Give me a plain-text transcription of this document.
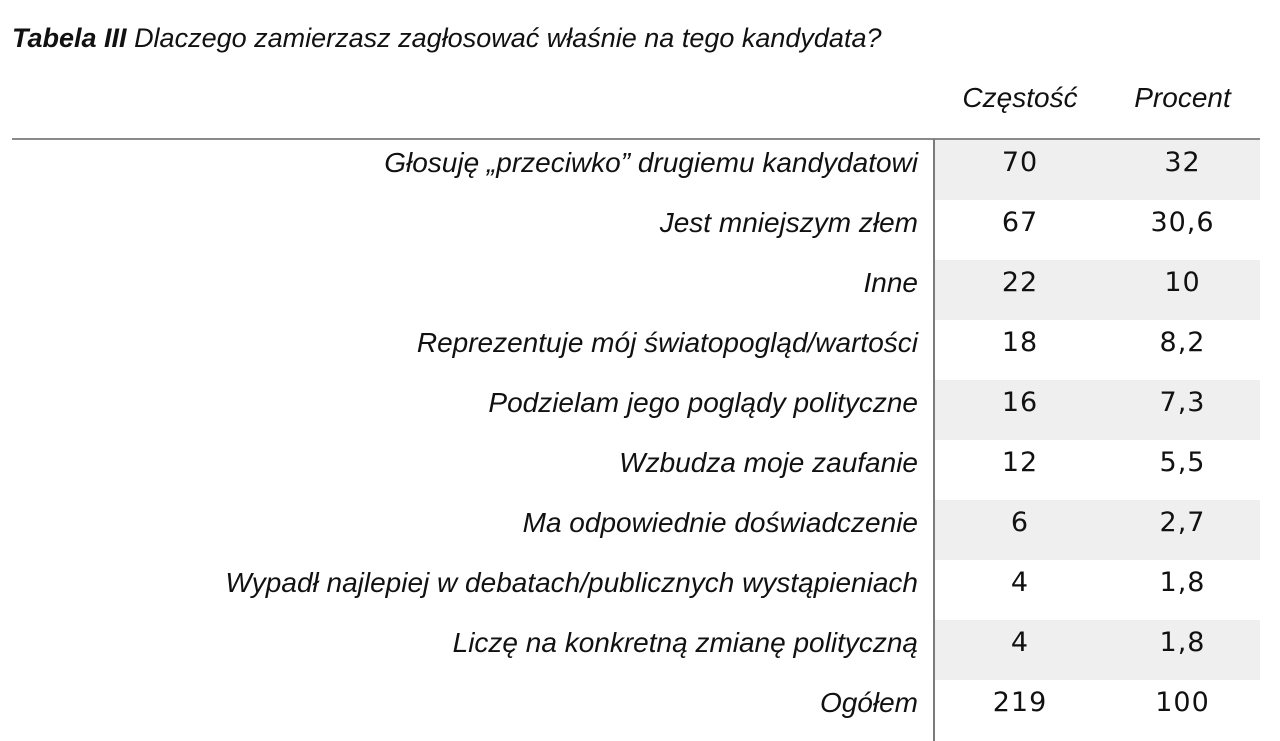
Tabela III Dlaczego zamierzasz zagłosować właśnie na tego kandydata?
Częstość	Procent
Głosuję „przeciwko” drugiemu kandydatowi	70	32
Jest mniejszym złem	67	30,6
Inne	22	10
Reprezentuje mój światopogląd/wartości	18	8,2
Podzielam jego poglądy polityczne	16	7,3
Wzbudza moje zaufanie	12	5,5
Ma odpowiednie doświadczenie	6	2,7
Wypadł najlepiej w debatach/publicznych wystąpieniach	4	1,8
Liczę na konkretną zmianę polityczną	4	1,8
Ogółem	219	100
